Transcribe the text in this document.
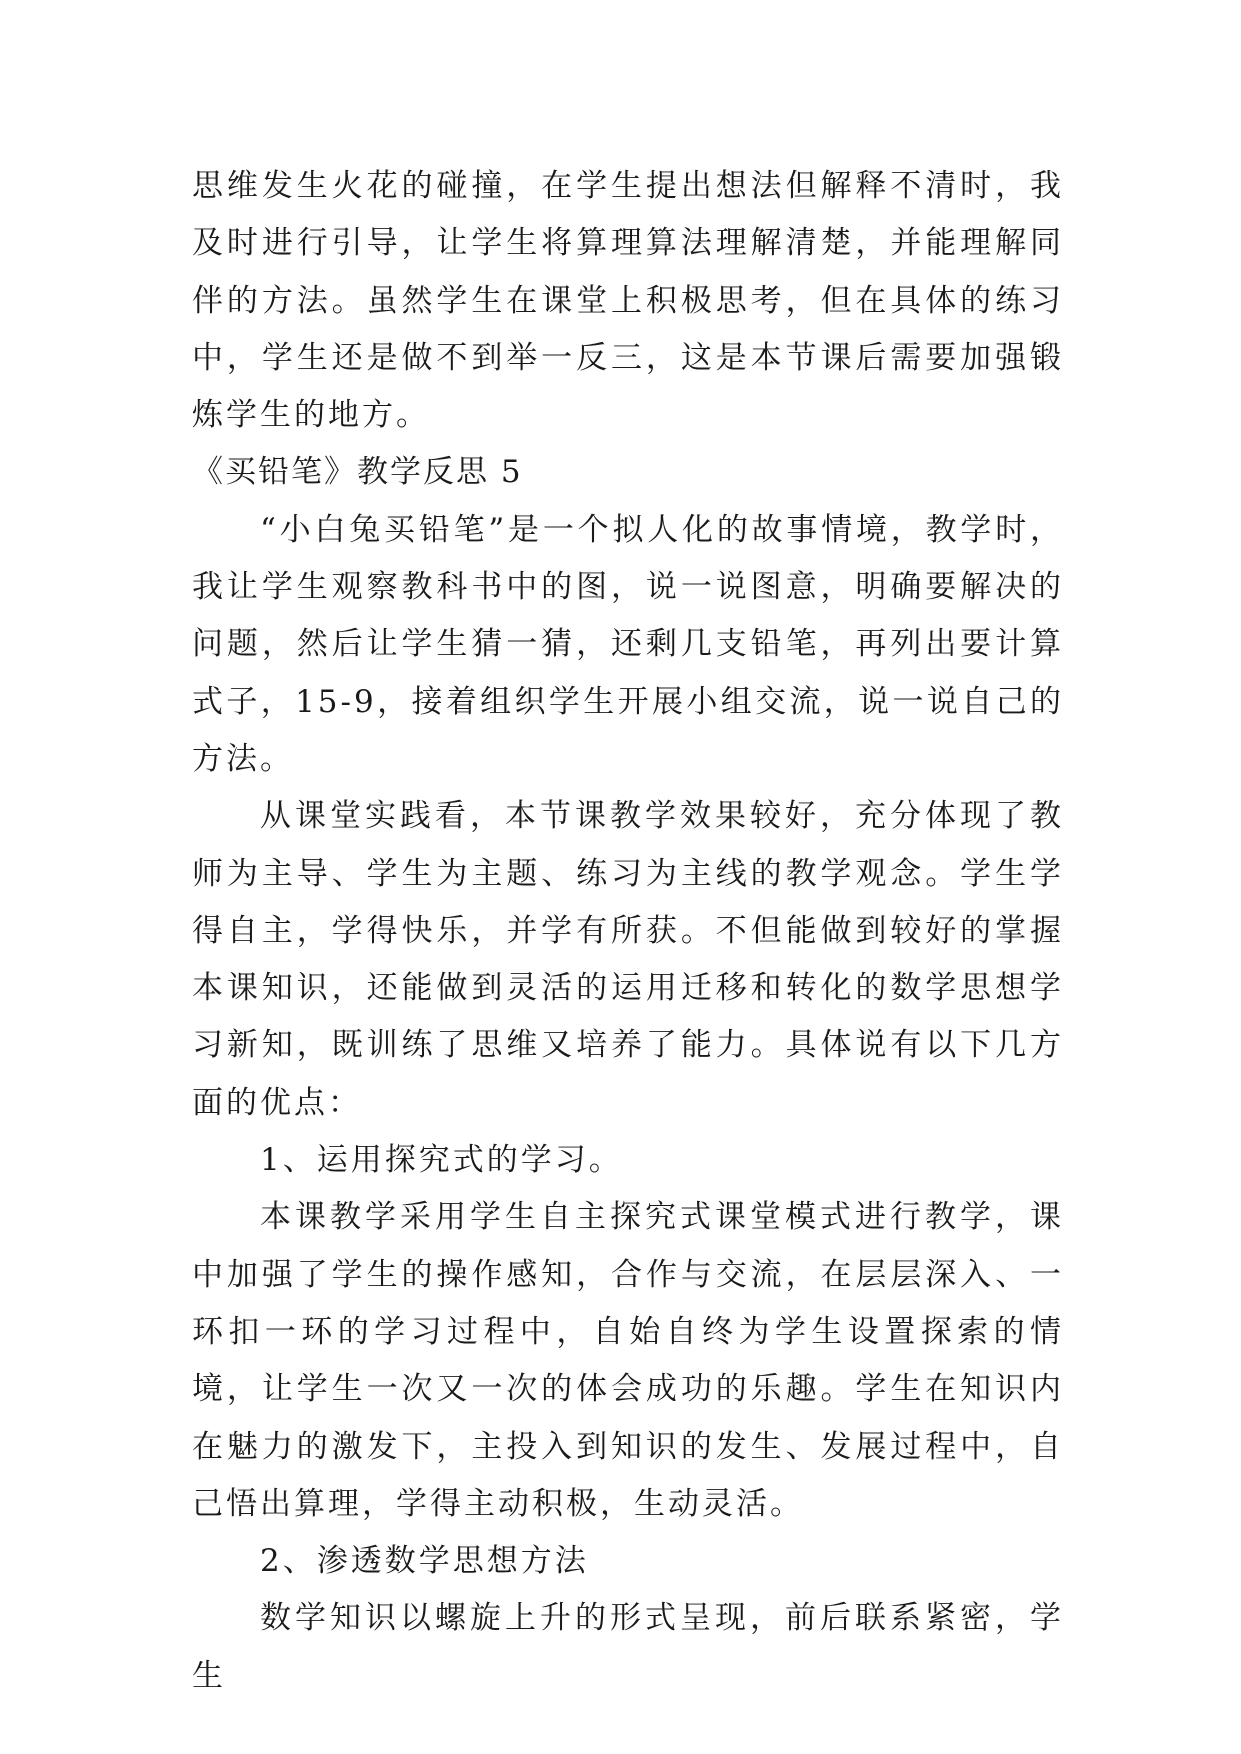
思维发生火花的碰撞，在学生提出想法但解释不清时，我及时进行引导，让学生将算理算法理解清楚，并能理解同伴的方法。虽然学生在课堂上积极思考，但在具体的练习中，学生还是做不到举一反三，这是本节课后需要加强锻炼学生的地方。

《买铅笔》教学反思 5

“小白兔买铅笔”是一个拟人化的故事情境，教学时，我让学生观察教科书中的图，说一说图意，明确要解决的问题，然后让学生猜一猜，还剩几支铅笔，再列出要计算式子，15-9，接着组织学生开展小组交流，说一说自己的方法。

从课堂实践看，本节课教学效果较好，充分体现了教师为主导、学生为主题、练习为主线的教学观念。学生学得自主，学得快乐，并学有所获。不但能做到较好的掌握本课知识，还能做到灵活的运用迁移和转化的数学思想学习新知，既训练了思维又培养了能力。具体说有以下几方面的优点：

1、运用探究式的学习。

本课教学采用学生自主探究式课堂模式进行教学，课中加强了学生的操作感知，合作与交流，在层层深入、一环扣一环的学习过程中，自始自终为学生设置探索的情境，让学生一次又一次的体会成功的乐趣。学生在知识内在魅力的激发下，主投入到知识的发生、发展过程中，自己悟出算理，学得主动积极，生动灵活。

2、渗透数学思想方法

数学知识以螺旋上升的形式呈现，前后联系紧密，学生
